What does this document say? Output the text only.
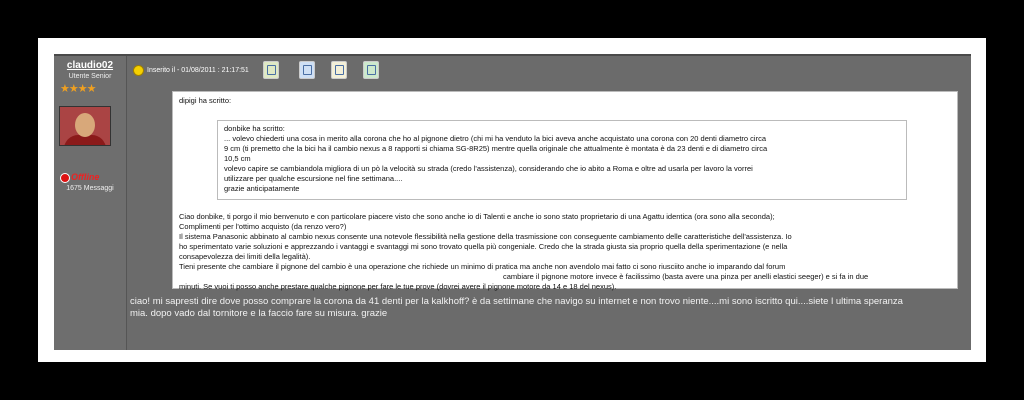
claudio02
Utente Senior
★★★★
Offline
1675 Messaggi
Inserito il - 01/08/2011 : 21:17:51
dipigi ha scritto:
donbike ha scritto:
... volevo chiederti una cosa in merito alla corona che ho al pignone dietro (chi mi ha venduto la bici aveva anche acquistato una corona con 20 denti diametro circa
9 cm (ti premetto che la bici ha il cambio nexus a 8 rapporti si chiama SG-8R25) mentre quella originale che attualmente è montata è da 23 denti e di diametro circa
10,5 cm
volevo capire se cambiandola migliora di un pò la velocità su strada (credo l'assistenza), considerando che io abito a Roma e oltre ad usarla per lavoro la vorrei
utilizzare per qualche escursione nel fine settimana....
grazie anticipatamente
Ciao donbike, ti porgo il mio benvenuto e con particolare piacere visto che sono anche io di Talenti e anche io sono stato proprietario di una Agattu identica (ora sono alla seconda);
Complimenti per l'ottimo acquisto (da renzo vero?)
Il sistema Panasonic abbinato al cambio nexus consente una notevole flessibilità nella gestione della trasmissione con conseguente cambiamento delle caratteristiche dell'assistenza. Io
ho sperimentato varie soluzioni e apprezzando i vantaggi e svantaggi mi sono trovato quella più congeniale. Credo che la strada giusta sia proprio quella della sperimentazione (e nella
consapevolezza dei limiti della legalità).
Tieni presente che cambiare il pignone del cambio è una operazione che richiede un minimo di pratica ma anche non avendolo mai fatto ci sono riusciito anche io imparando dal forum
cambiare il pignone motore invece è facilissimo (basta avere una pinza per anelli elastici seeger) e si fa in due
minuti. Se vuoi ti posso anche prestare qualche pignone per fare le tue prove (dovrei avere il pignone motore da 14 e 18 del nexus).
ciao! mi sapresti dire dove posso comprare la corona da 41 denti per la kalkhoff? è da settimane che navigo su internet e non trovo niente....mi sono iscritto qui....siete l ultima speranza
mia. dopo vado dal tornitore e la faccio fare su misura. grazie
